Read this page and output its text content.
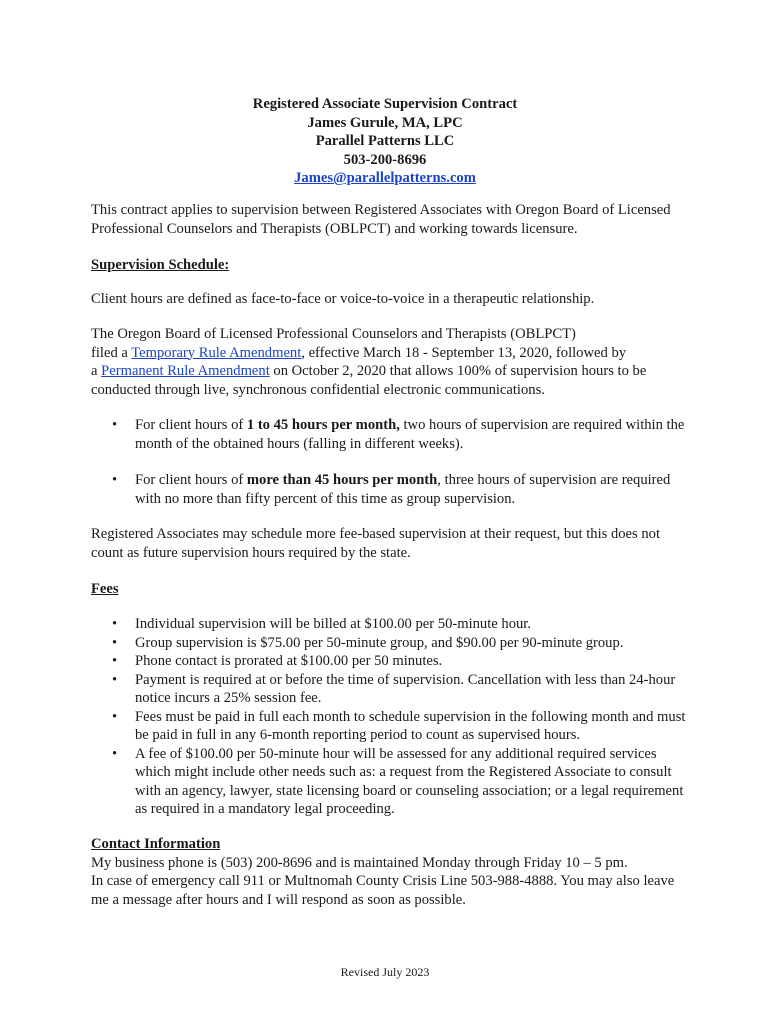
Registered Associate Supervision Contract
James Gurule, MA, LPC
Parallel Patterns LLC
503-200-8696
James@parallelpatterns.com

This contract applies to supervision between Registered Associates with Oregon Board of Licensed Professional Counselors and Therapists (OBLPCT) and working towards licensure.

Supervision Schedule:

Client hours are defined as face-to-face or voice-to-voice in a therapeutic relationship.

The Oregon Board of Licensed Professional Counselors and Therapists (OBLPCT)
filed a Temporary Rule Amendment, effective March 18 - September 13, 2020, followed by
a Permanent Rule Amendment on October 2, 2020 that allows 100% of supervision hours to be conducted through live, synchronous confidential electronic communications.

• For client hours of 1 to 45 hours per month, two hours of supervision are required within the month of the obtained hours (falling in different weeks).
• For client hours of more than 45 hours per month, three hours of supervision are required with no more than fifty percent of this time as group supervision.

Registered Associates may schedule more fee-based supervision at their request, but this does not count as future supervision hours required by the state.

Fees

• Individual supervision will be billed at $100.00 per 50-minute hour.
• Group supervision is $75.00 per 50-minute group, and $90.00 per 90-minute group.
• Phone contact is prorated at $100.00 per 50 minutes.
• Payment is required at or before the time of supervision. Cancellation with less than 24-hour notice incurs a 25% session fee.
• Fees must be paid in full each month to schedule supervision in the following month and must be paid in full in any 6-month reporting period to count as supervised hours.
• A fee of $100.00 per 50-minute hour will be assessed for any additional required services which might include other needs such as: a request from the Registered Associate to consult with an agency, lawyer, state licensing board or counseling association; or a legal requirement as required in a mandatory legal proceeding.

Contact Information

My business phone is (503) 200-8696 and is maintained Monday through Friday 10 – 5 pm.

In case of emergency call 911 or Multnomah County Crisis Line 503-988-4888. You may also leave me a message after hours and I will respond as soon as possible.

Revised July 2023
